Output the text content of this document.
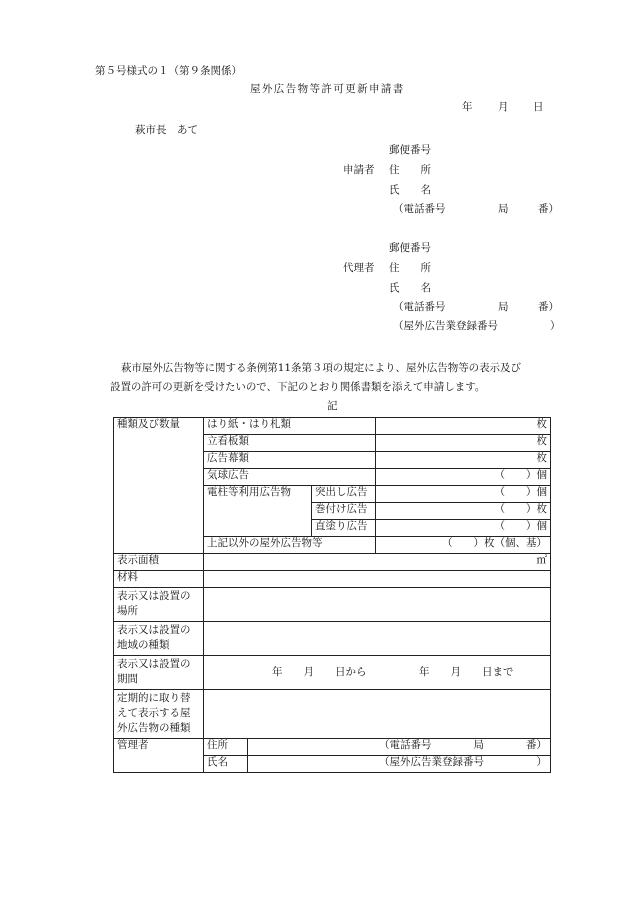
第５号様式の１（第９条関係）
屋外広告物等許可更新申請書
年 月 日
萩市長　あて
郵便番号
申請者 住　　所
氏　　名
（電話番号	局	番）
郵便番号
代理者 住　　所
氏　　名
（電話番号	局	番）
（屋外広告業登録番号	）
萩市屋外広告物等に関する条例第11条第３項の規定により、屋外広告物等の表示及び
設置の許可の更新を受けたいので、下記のとおり関係書類を添えて申請します。
記
種類及び数量	はり紙・はり札類			枚
	立看板類			枚
	広告幕類			枚
	気球広告			（　　）個
	電柱等利用広告物		突出し広告	（　　）個
			巻付け広告	（　　）枚
			直塗り広告	（　　）個
	上記以外の屋外広告物等			（　　）枚（個、基）
表示面積	㎡			
材料				
表示又は設置の場所				
表示又は設置の地域の種類				
表示又は設置の期間	年　　月　　日から　　　　　年　　月　　日まで			
定期的に取り替えて表示する屋外広告物の種類				
管理者	住所	（電話番号　　　　局　　　　番）		
	氏名	（屋外広告業登録番号　　　　　）		
